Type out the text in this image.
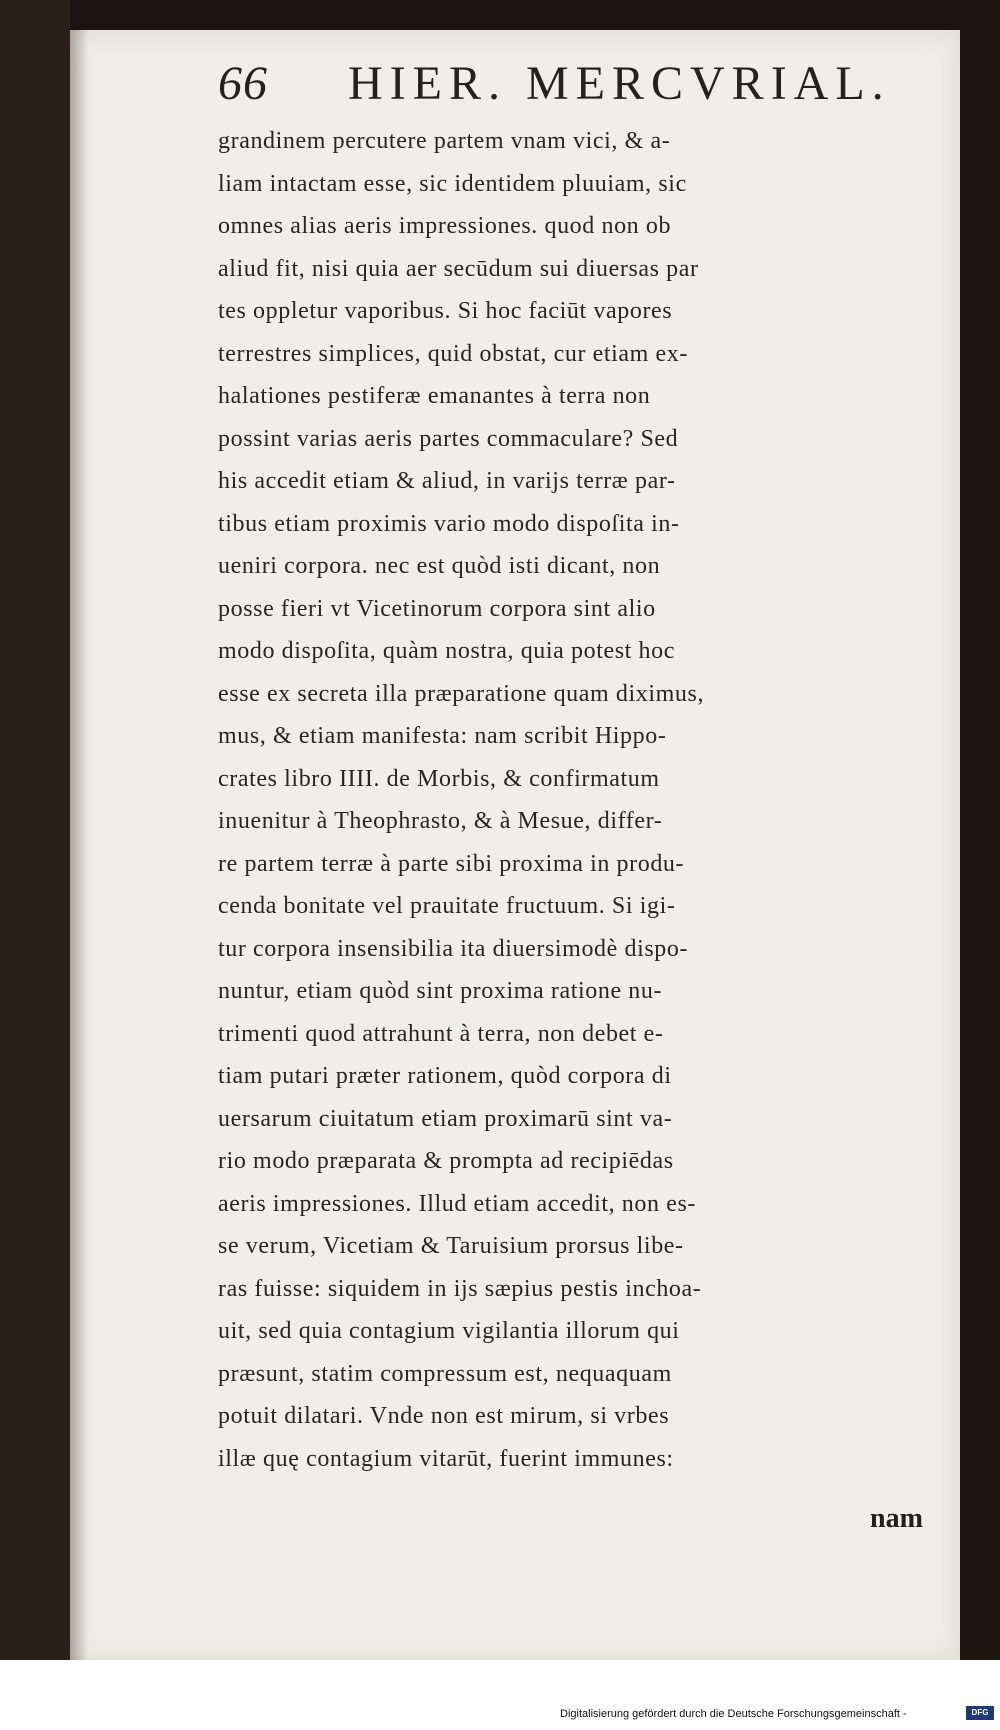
66 HIER. MERCVRIAL.
grandinem percutere partem vnam vici, & a-
liam intactam esse, sic identidem pluuiam, sic
omnes alias aeris impressiones. quod non ob
aliud fit, nisi quia aer secūdum sui diuersas par
tes oppletur vaporibus. Si hoc faciūt vapores
terrestres simplices, quid obstat, cur etiam ex-
halationes pestiferæ emanantes à terra non
possint varias aeris partes commaculare? Sed
his accedit etiam & aliud, in varijs terræ par-
tibus etiam proximis vario modo dispoſita in-
ueniri corpora. nec est quòd isti dicant, non
posse fieri vt Vicetinorum corpora sint alio
modo dispoſita, quàm nostra, quia potest hoc
esse ex secreta illa præparatione quam diximus,
mus, & etiam manifesta: nam scribit Hippo-
crates libro IIII. de Morbis, & confirmatum
inuenitur à Theophrasto, & à Mesue, differ-
re partem terræ à parte sibi proxima in produ-
cenda bonitate vel prauitate fructuum. Si igi-
tur corpora insensibilia ita diuersimodè dispo-
nuntur, etiam quòd sint proxima ratione nu-
trimenti quod attrahunt à terra, non debet e-
tiam putari præter rationem, quòd corpora di
uersarum ciuitatum etiam proximarū sint va-
rio modo præparata & prompta ad recipiēdas
aeris impressiones. Illud etiam accedit, non es-
se verum, Vicetiam & Taruisium prorsus libe-
ras fuisse: siquidem in ijs sæpius pestis inchoa-
uit, sed quia contagium vigilantia illorum qui
præsunt, statim compressum est, nequaquam
potuit dilatari. Vnde non est mirum, si vrbes
illæ quę contagium vitarūt, fuerint immunes:
nam
Digitalisierung gefördert durch die Deutsche Forschungsgemeinschaft -	DFG
